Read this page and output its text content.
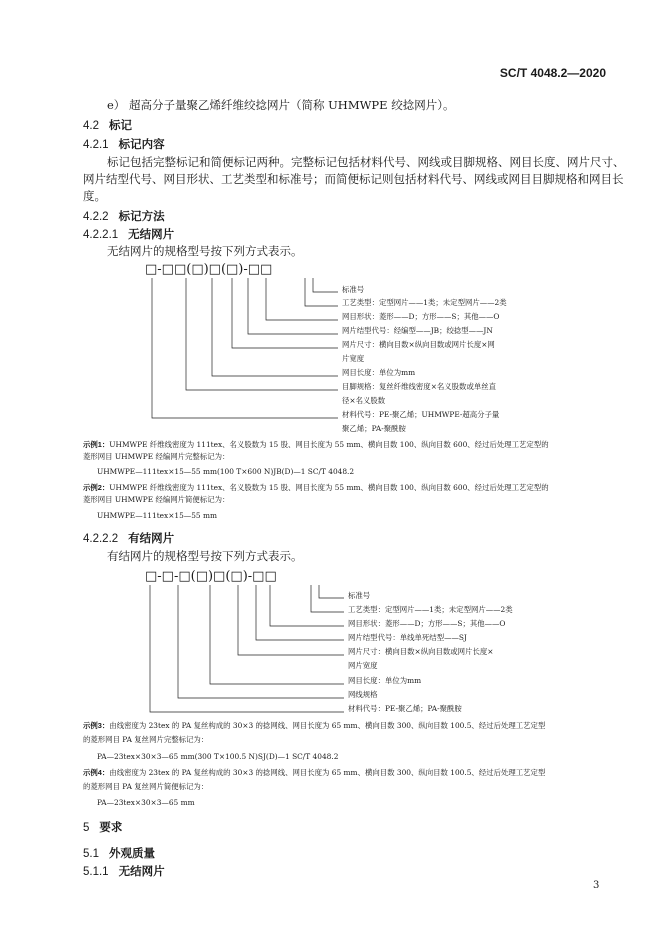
SC/T 4048.2—2020
e） 超高分子量聚乙烯纤维绞捻网片（简称 UHMWPE 绞捻网片）。
4.2 标记
4.2.1 标记内容
标记包括完整标记和简便标记两种。完整标记包括材料代号、网线或目脚规格、网目长度、网片尺寸、
网片结型代号、网目形状、工艺类型和标准号；而简便标记则包括材料代号、网线或网目目脚规格和网目长
度。
4.2.2 标记方法
4.2.2.1 无结网片
无结网片的规格型号按下列方式表示。
□-□□(□)□(□)-□□
标准号
工艺类型：定型网片——1类；未定型网片——2类
网目形状：菱形——D；方形——S；其他——O
网片结型代号：经编型——JB；绞捻型——JN
网片尺寸：横向目数×纵向目数或网片长度×网
片宽度
网目长度：单位为mm
目脚规格：复丝纤维线密度×名义股数或单丝直
径×名义股数
材料代号：PE-聚乙烯；UHMWPE-超高分子量
聚乙烯；PA-聚酰胺
示例1：UHMWPE 纤维线密度为 111tex、名义股数为 15 股、网目长度为 55 mm、横向目数 100、纵向目数 600、经过后处理工艺定型的
菱形网目 UHMWPE 经编网片完整标记为：
UHMWPE—111tex×15—55 mm(100 T×600 N)JB(D)—1 SC/T 4048.2
示例2：UHMWPE 纤维线密度为 111tex、名义股数为 15 股、网目长度为 55 mm、横向目数 100、纵向目数 600、经过后处理工艺定型的
菱形网目 UHMWPE 经编网片简便标记为：
UHMWPE—111tex×15—55 mm
4.2.2.2 有结网片
有结网片的规格型号按下列方式表示。
□-□-□(□)□(□)-□□
标准号
工艺类型：定型网片——1类；未定型网片——2类
网目形状：菱形——D；方形——S；其他——O
网片结型代号：单线单死结型——SJ
网片尺寸：横向目数×纵向目数或网片长度×
网片宽度
网目长度：单位为mm
网线规格
材料代号：PE-聚乙烯；PA-聚酰胺
示例3：由线密度为 23tex 的 PA 复丝构成的 30×3 的捻网线、网目长度为 65 mm、横向目数 300、纵向目数 100.5、经过后处理工艺定型
的菱形网目 PA 复丝网片完整标记为：
PA—23tex×30×3—65 mm(300 T×100.5 N)SJ(D)—1 SC/T 4048.2
示例4：由线密度为 23tex 的 PA 复丝构成的 30×3 的捻网线、网目长度为 65 mm、横向目数 300、纵向目数 100.5、经过后处理工艺定型
的菱形网目 PA 复丝网片简便标记为：
PA—23tex×30×3—65 mm
5 要求
5.1 外观质量
5.1.1 无结网片
3
